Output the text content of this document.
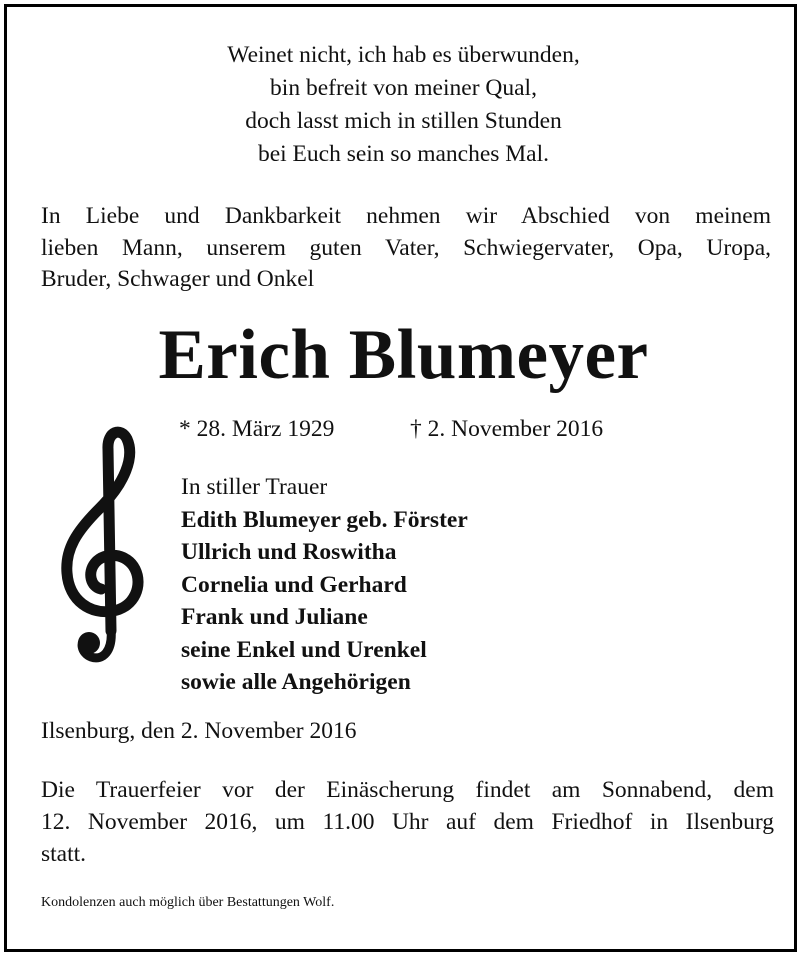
Weinet nicht, ich hab es überwunden,
bin befreit von meiner Qual,
doch lasst mich in stillen Stunden
bei Euch sein so manches Mal.
In Liebe und Dankbarkeit nehmen wir Abschied von meinem
lieben Mann, unserem guten Vater, Schwiegervater, Opa, Uropa,
Bruder, Schwager und Onkel
Erich Blumeyer
* 28. März 1929	† 2. November 2016
In stiller Trauer
Edith Blumeyer geb. Förster
Ullrich und Roswitha
Cornelia und Gerhard
Frank und Juliane
seine Enkel und Urenkel
sowie alle Angehörigen
Ilsenburg, den 2. November 2016
Die Trauerfeier vor der Einäscherung findet am Sonnabend, dem
12. November 2016, um 11.00 Uhr auf dem Friedhof in Ilsenburg
statt.
Kondolenzen auch möglich über Bestattungen Wolf.
